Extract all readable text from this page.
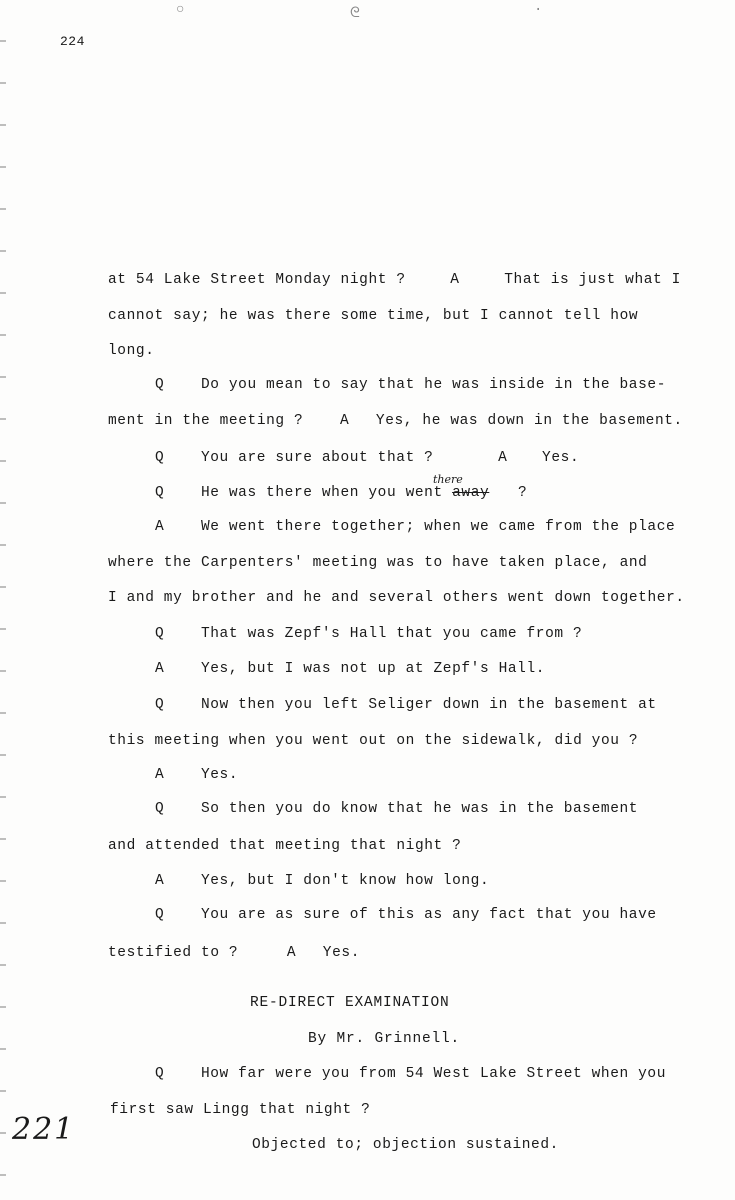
○	ᘓ	·
224
at 54 Lake Street Monday night ?	A	That is just what I
cannot say; he was there some time, but I cannot tell how
long.
Q	Do you mean to say that he was inside in the base-
ment in the meeting ?	A Yes, he was down in the basement.
Q	You are sure about that ?	A Yes.
Q	He was there when you went away ?
there
A	We went there together; when we came from the place
where the Carpenters' meeting was to have taken place, and
I and my brother and he and several others went down together.
Q	That was Zepf's Hall that you came from ?
A	Yes, but I was not up at Zepf's Hall.
Q	Now then you left Seliger down in the basement at
this meeting when you went out on the sidewalk, did you ?
A	Yes.
Q	So then you do know that he was in the basement
and attended that meeting that night ?
A	Yes, but I don't know how long.
Q	You are as sure of this as any fact that you have
testified to ?	A Yes.
RE-DIRECT EXAMINATION
By Mr. Grinnell.
Q	How far were you from 54 West Lake Street when you
first saw Lingg that night ?
Objected to; objection sustained.
221
